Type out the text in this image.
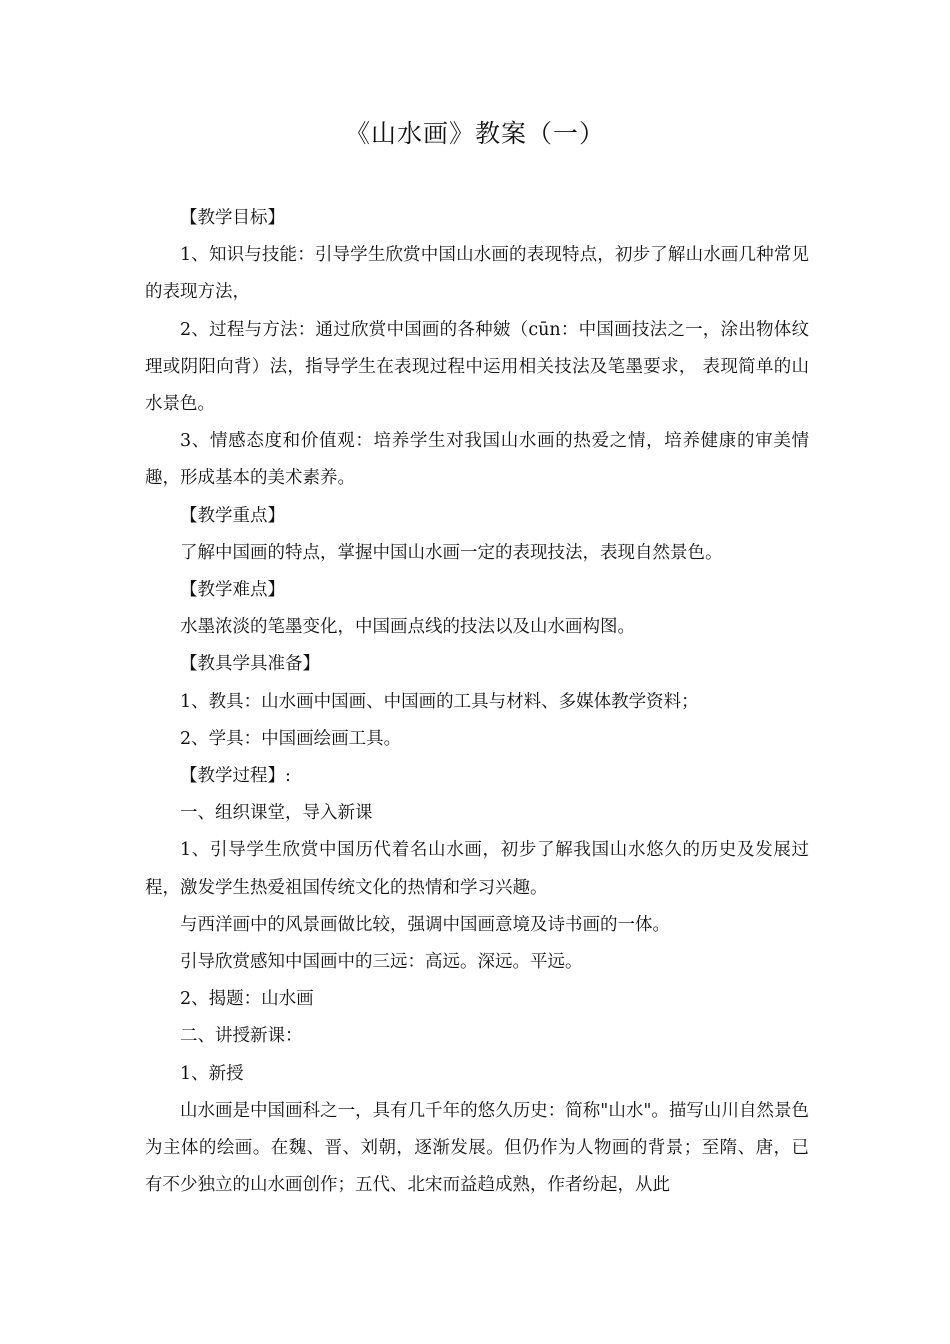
《山水画》教案（一）

【教学目标】

1、知识与技能：引导学生欣赏中国山水画的表现特点，初步了解山水画几种常见的表现方法，

2、过程与方法：通过欣赏中国画的各种皴（cūn：中国画技法之一，涂出物体纹理或阴阳向背）法，指导学生在表现过程中运用相关技法及笔墨要求， 表现简单的山水景色。

3、情感态度和价值观：培养学生对我国山水画的热爱之情，培养健康的审美情趣，形成基本的美术素养。

【教学重点】

了解中国画的特点，掌握中国山水画一定的表现技法，表现自然景色。

【教学难点】

水墨浓淡的笔墨变化，中国画点线的技法以及山水画构图。

【教具学具准备】

1、教具：山水画中国画、中国画的工具与材料、多媒体教学资料；

2、学具：中国画绘画工具。

【教学过程】:

一、组织课堂，导入新课

1、引导学生欣赏中国历代着名山水画，初步了解我国山水悠久的历史及发展过程，激发学生热爱祖国传统文化的热情和学习兴趣。

与西洋画中的风景画做比较，强调中国画意境及诗书画的一体。

引导欣赏感知中国画中的三远：高远。深远。平远。

2、揭题：山水画

二、讲授新课：

1、新授

山水画是中国画科之一，具有几千年的悠久历史：简称"山水"。描写山川自然景色为主体的绘画。在魏、晋、刘朝，逐渐发展。但仍作为人物画的背景；至隋、唐，已有不少独立的山水画创作；五代、北宋而益趋成熟，作者纷起，从此
